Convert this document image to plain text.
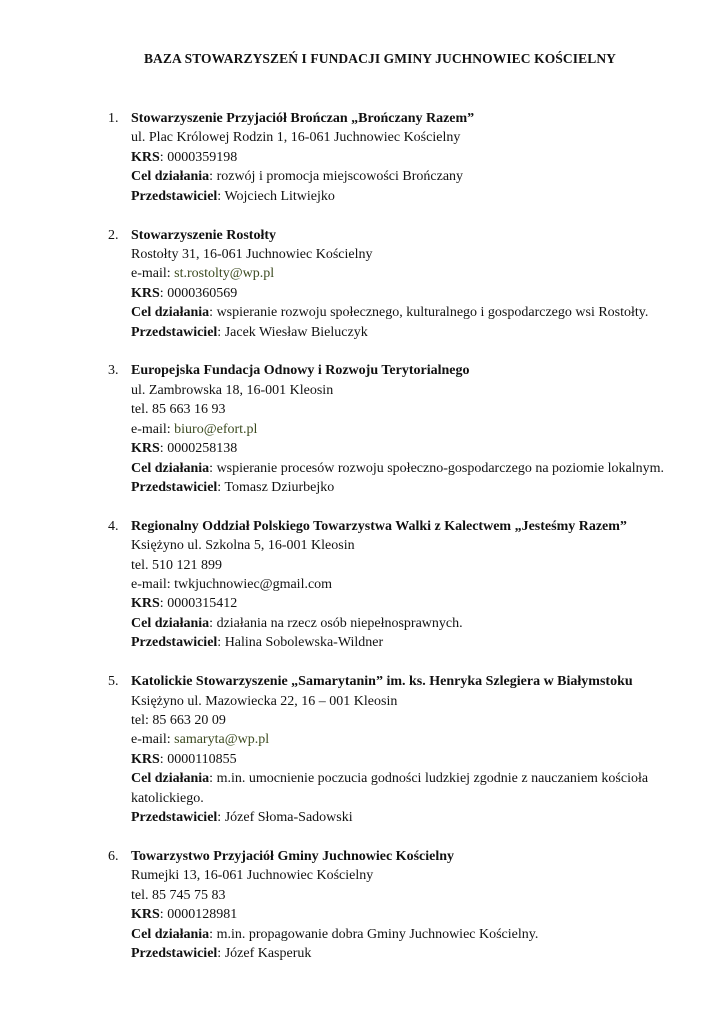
BAZA STOWARZYSZEŃ I FUNDACJI GMINY JUCHNOWIEC KOŚCIELNY
1. Stowarzyszenie Przyjaciół Brończan „Brończany Razem”
ul. Plac Królowej Rodzin 1, 16-061 Juchnowiec Kościelny
KRS: 0000359198
Cel działania: rozwój i promocja miejscowości Brończany
Przedstawiciel: Wojciech Litwiejko
2. Stowarzyszenie Rostołty
Rostołty 31, 16-061 Juchnowiec Kościelny
e-mail: st.rostolty@wp.pl
KRS: 0000360569
Cel działania: wspieranie rozwoju społecznego, kulturalnego i gospodarczego wsi Rostołty.
Przedstawiciel: Jacek Wiesław Bieluczyk
3. Europejska Fundacja Odnowy i Rozwoju Terytorialnego
ul. Zambrowska 18, 16-001 Kleosin
tel. 85 663 16 93
e-mail: biuro@efort.pl
KRS: 0000258138
Cel działania: wspieranie procesów rozwoju społeczno-gospodarczego na poziomie lokalnym.
Przedstawiciel: Tomasz Dziurbejko
4. Regionalny Oddział Polskiego Towarzystwa Walki z Kalectwem „Jesteśmy Razem”
Księżyno ul. Szkolna 5, 16-001 Kleosin
tel. 510 121 899
e-mail: twkjuchnowiec@gmail.com
KRS: 0000315412
Cel działania: działania na rzecz osób niepełnosprawnych.
Przedstawiciel: Halina Sobolewska-Wildner
5. Katolickie Stowarzyszenie „Samarytanin” im. ks. Henryka Szlegiera w Białymstoku
Księżyno ul. Mazowiecka 22, 16 – 001 Kleosin
tel: 85 663 20 09
e-mail: samaryta@wp.pl
KRS: 0000110855
Cel działania: m.in. umocnienie poczucia godności ludzkiej zgodnie z nauczaniem kościoła katolickiego.
Przedstawiciel: Józef Słoma-Sadowski
6. Towarzystwo Przyjaciół Gminy Juchnowiec Kościelny
Rumejki 13, 16-061 Juchnowiec Kościelny
tel. 85 745 75 83
KRS: 0000128981
Cel działania: m.in. propagowanie dobra Gminy Juchnowiec Kościelny.
Przedstawiciel: Józef Kasperuk
